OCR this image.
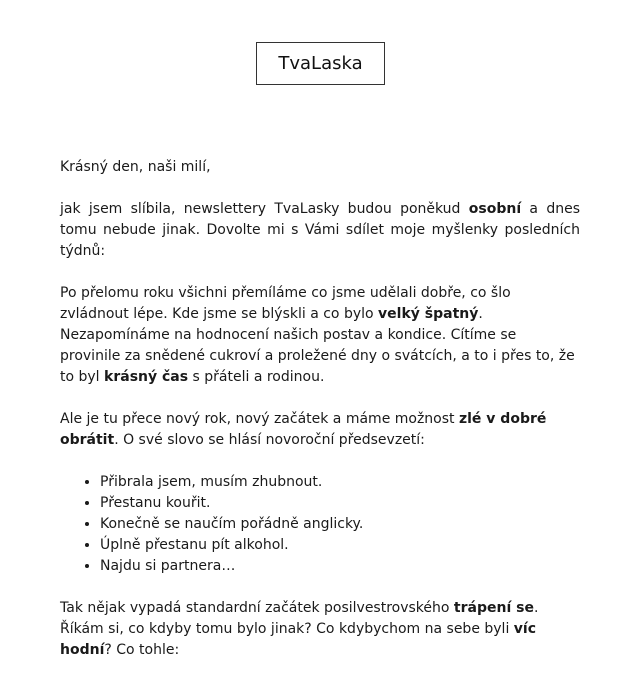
TvaLaska

Krásný den, naši milí,

jak jsem slíbila, newslettery TvaLasky budou poněkud osobní a dnes tomu nebude jinak. Dovolte mi s Vámi sdílet moje myšlenky posledních týdnů:

Po přelomu roku všichni přemíláme co jsme udělali dobře, co šlo zvládnout lépe. Kde jsme se blýskli a co bylo velký špatný. Nezapomínáme na hodnocení našich postav a kondice. Cítíme se provinile za snědené cukroví a proležené dny o svátcích, a to i přes to, že to byl krásný čas s přáteli a rodinou.

Ale je tu přece nový rok, nový začátek a máme možnost zlé v dobré obrátit. O své slovo se hlásí novoroční předsevzetí:

• Přibrala jsem, musím zhubnout.
• Přestanu kouřit.
• Konečně se naučím pořádně anglicky.
• Úplně přestanu pít alkohol.
• Najdu si partnera…

Tak nějak vypadá standardní začátek posilvestrovského trápení se. Říkám si, co kdyby tomu bylo jinak? Co kdybychom na sebe byli víc hodní? Co tohle:
